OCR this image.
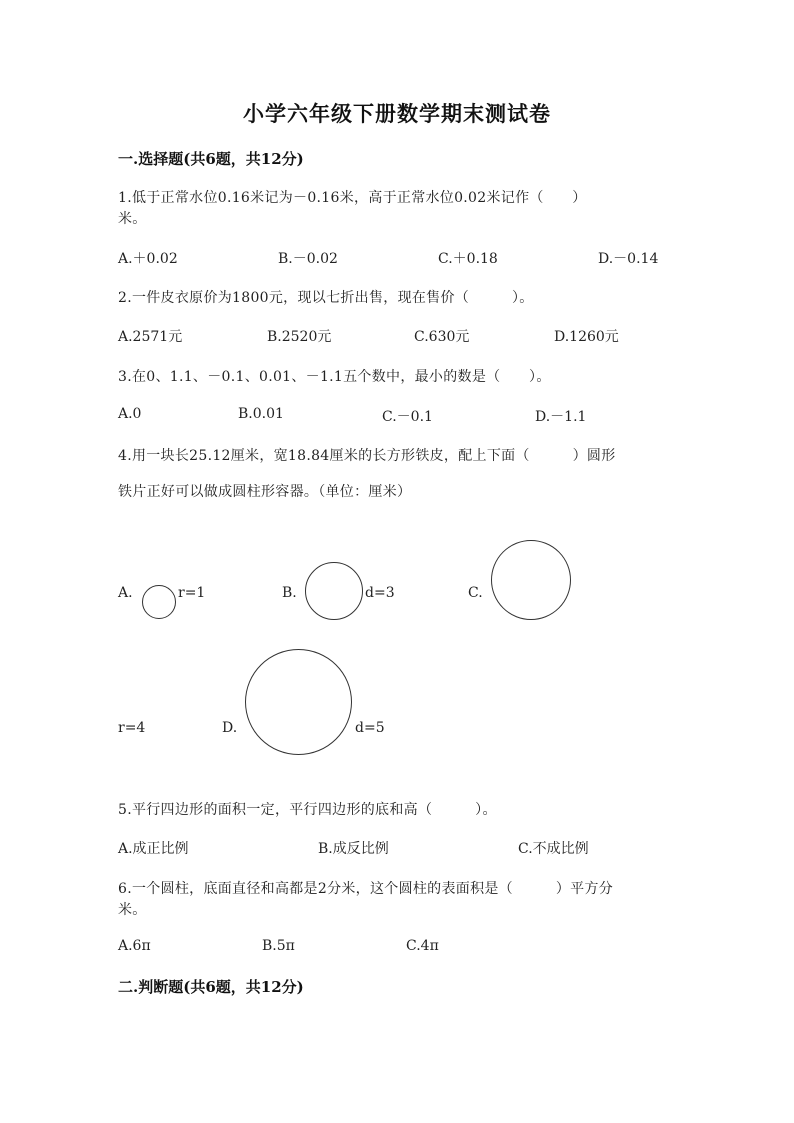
小学六年级下册数学期末测试卷
一.选择题(共6题，共12分)
1.低于正常水位0.16米记为－0.16米，高于正常水位0.02米记作（　　）
米。
A.＋0.02	B.－0.02	C.＋0.18	D.－0.14
2.一件皮衣原价为1800元，现以七折出售，现在售价（　　　）。
A.2571元	B.2520元	C.630元	D.1260元
3.在0、1.1、－0.1、0.01、－1.1五个数中，最小的数是（　　）。
A.0	B.0.01	C.－0.1	D.－1.1
4.用一块长25.12厘米，宽18.84厘米的长方形铁皮，配上下面（　　　）圆形
铁片正好可以做成圆柱形容器。（单位：厘米）
A.	r=1	B.	d=3	C.
r=4	D.	d=5
5.平行四边形的面积一定，平行四边形的底和高（　　　）。
A.成正比例	B.成反比例	C.不成比例
6.一个圆柱，底面直径和高都是2分米，这个圆柱的表面积是（　　　）平方分
米。
A.6π	B.5π	C.4π
二.判断题(共6题，共12分)
